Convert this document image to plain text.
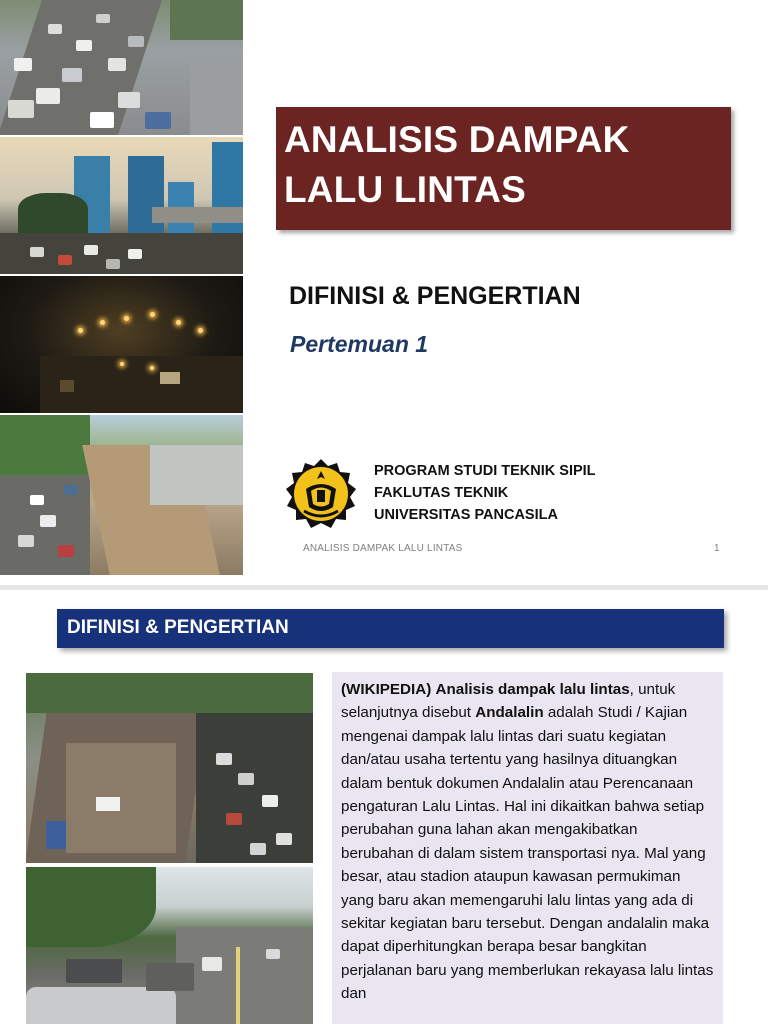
ANALISIS DAMPAK
LALU LINTAS
DIFINISI & PENGERTIAN
Pertemuan 1
PROGRAM STUDI TEKNIK SIPIL
FAKLUTAS TEKNIK
UNIVERSITAS PANCASILA
ANALISIS DAMPAK LALU LINTAS	1
DIFINISI & PENGERTIAN

(WIKIPEDIA) Analisis dampak lalu lintas, untuk selanjutnya disebut Andalalin adalah Studi / Kajian mengenai dampak lalu lintas dari suatu kegiatan dan/atau usaha tertentu yang hasilnya dituangkan dalam bentuk dokumen Andalalin atau Perencanaan pengaturan Lalu Lintas. Hal ini dikaitkan bahwa setiap perubahan guna lahan akan mengakibatkan berubahan di dalam sistem transportasi nya. Mal yang besar, atau stadion ataupun kawasan permukiman yang baru akan memengaruhi lalu lintas yang ada di sekitar kegiatan baru tersebut. Dengan andalalin maka dapat diperhitungkan berapa besar bangkitan perjalanan baru yang memberlukan rekayasa lalu lintas dan
